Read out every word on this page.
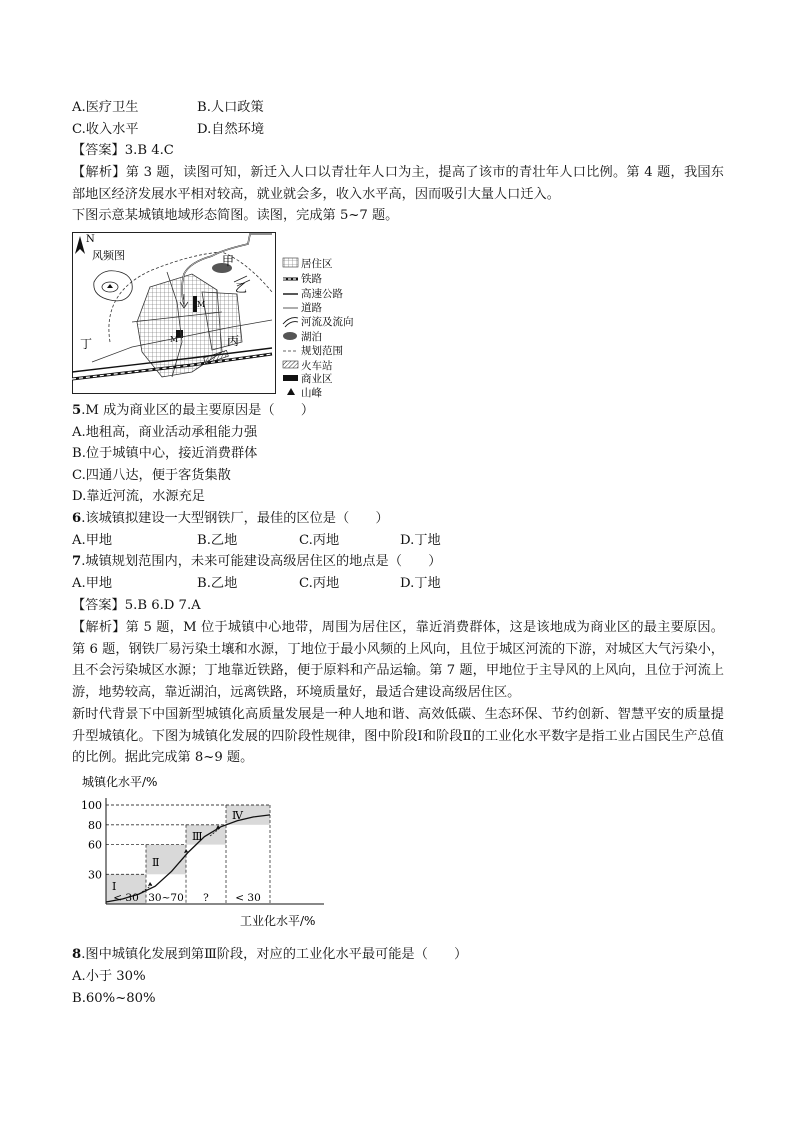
A.医疗卫生	B.人口政策
C.收入水平	D.自然环境
【答案】3.B 4.C
【解析】第 3 题，读图可知，新迁入人口以青壮年人口为主，提高了该市的青壮年人口比例。第 4 题，我国东部地区经济发展水平相对较高，就业就会多，收入水平高，因而吸引大量人口迁入。
下图示意某城镇地域形态简图。读图，完成第 5~7 题。
N
风频图
M
M
甲
乙
丙
丁
居住区
铁路
高速公路
道路
河流及流向
湖泊
规划范围
火车站
商业区
山峰
5.M 成为商业区的最主要原因是（　　）
A.地租高，商业活动承租能力强
B.位于城镇中心，接近消费群体
C.四通八达，便于客货集散
D.靠近河流，水源充足
6.该城镇拟建设一大型钢铁厂，最佳的区位是（　　）
A.甲地	B.乙地	C.丙地	D.丁地
7.城镇规划范围内，未来可能建设高级居住区的地点是（　　）
A.甲地	B.乙地	C.丙地	D.丁地
【答案】5.B 6.D 7.A
【解析】第 5 题，M 位于城镇中心地带，周围为居住区，靠近消费群体，这是该地成为商业区的最主要原因。第 6 题，钢铁厂易污染土壤和水源，丁地位于最小风频的上风向，且位于城区河流的下游，对城区大气污染小，且不会污染城区水源；丁地靠近铁路，便于原料和产品运输。第 7 题，甲地位于主导风的上风向，且位于河流上游，地势较高，靠近湖泊，远离铁路，环境质量好，最适合建设高级居住区。
新时代背景下中国新型城镇化高质量发展是一种人地和谐、高效低碳、生态环保、节约创新、智慧平安的质量提升型城镇化。下图为城镇化发展的四阶段性规律，图中阶段Ⅰ和阶段Ⅱ的工业化水平数字是指工业占国民生产总值的比例。据此完成第 8~9 题。
城镇化水平/%
工业化水平/%
30
60
80
100
Ⅰ
< 30
Ⅱ
30~70
Ⅲ
?
Ⅳ
< 30
8.图中城镇化发展到第Ⅲ阶段，对应的工业化水平最可能是（　　）
A.小于 30%
B.60%~80%
